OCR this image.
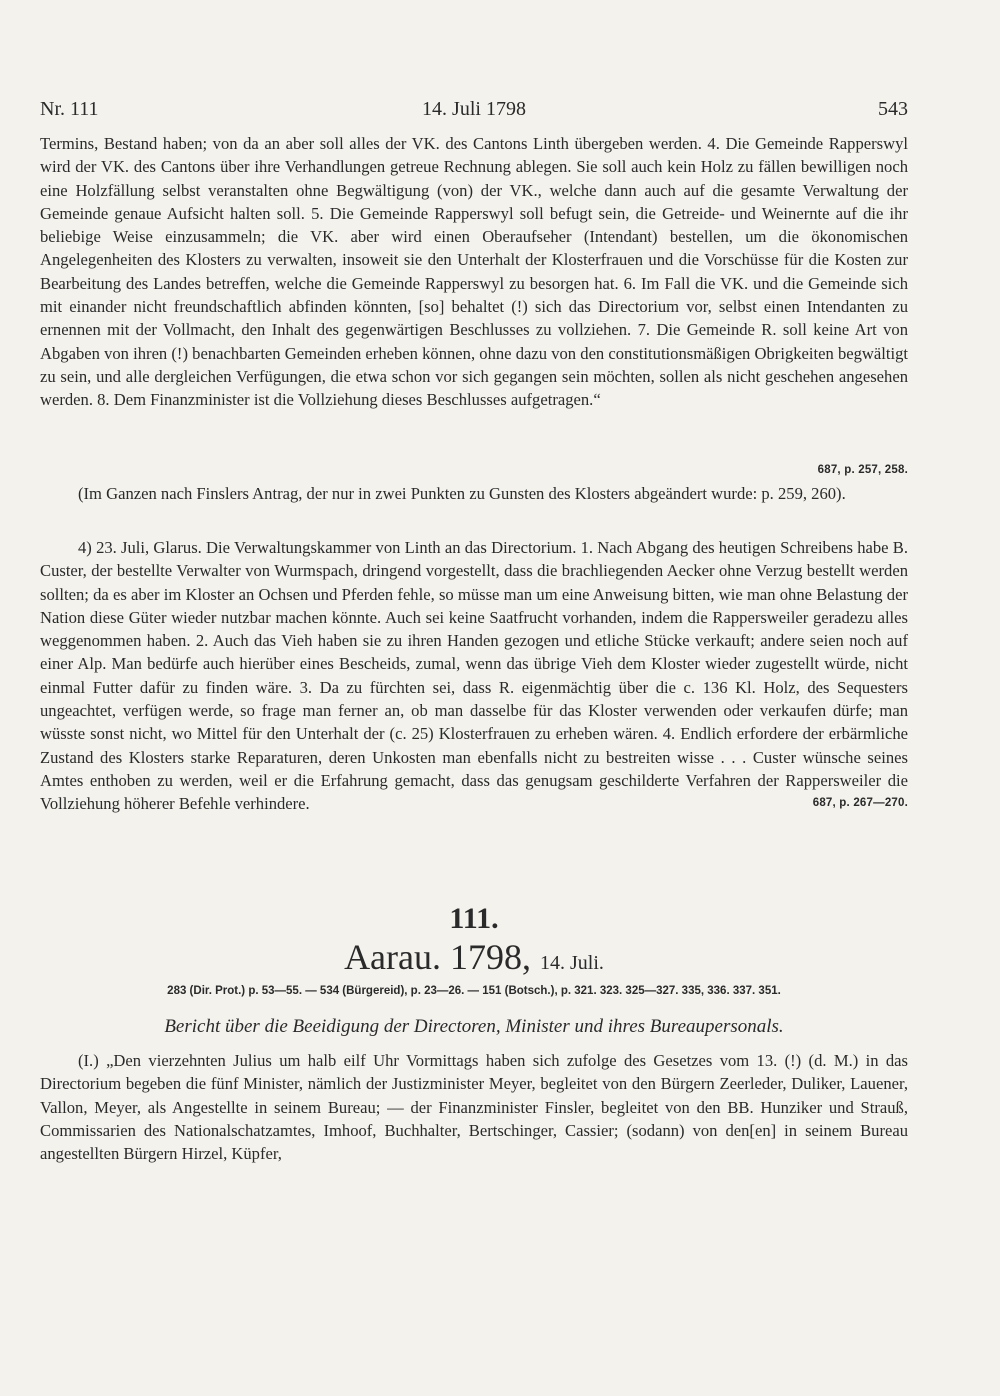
Nr. 111	14. Juli 1798	543

Termins, Bestand haben; von da an aber soll alles der VK. des Cantons Linth übergeben werden. 4. Die Gemeinde Rapperswyl wird der VK. des Cantons über ihre Verhandlungen getreue Rechnung ablegen. Sie soll auch kein Holz zu fällen bewilligen noch eine Holzfällung selbst veranstalten ohne Begwältigung (von) der VK., welche dann auch auf die gesamte Verwaltung der Gemeinde genaue Aufsicht halten soll. 5. Die Gemeinde Rapperswyl soll befugt sein, die Getreide- und Weinernte auf die ihr beliebige Weise einzusammeln; die VK. aber wird einen Oberaufseher (Intendant) bestellen, um die ökonomischen Angelegenheiten des Klosters zu verwalten, insoweit sie den Unterhalt der Klosterfrauen und die Vorschüsse für die Kosten zur Bearbeitung des Landes betreffen, welche die Gemeinde Rapperswyl zu besorgen hat. 6. Im Fall die VK. und die Gemeinde sich mit einander nicht freundschaftlich abfinden könnten, [so] behaltet (!) sich das Directorium vor, selbst einen Intendanten zu ernennen mit der Vollmacht, den Inhalt des gegenwärtigen Beschlusses zu vollziehen. 7. Die Gemeinde R. soll keine Art von Abgaben von ihren (!) benachbarten Gemeinden erheben können, ohne dazu von den constitutionsmäßigen Obrigkeiten begwältigt zu sein, und alle dergleichen Verfügungen, die etwa schon vor sich gegangen sein möchten, sollen als nicht geschehen angesehen werden. 8. Dem Finanzminister ist die Vollziehung dieses Beschlusses aufgetragen.“

687, p. 257, 258.

(Im Ganzen nach Finslers Antrag, der nur in zwei Punkten zu Gunsten des Klosters abgeändert wurde: p. 259, 260).

4) 23. Juli, Glarus. Die Verwaltungskammer von Linth an das Directorium. 1. Nach Abgang des heutigen Schreibens habe B. Custer, der bestellte Verwalter von Wurmspach, dringend vorgestellt, dass die brachliegenden Aecker ohne Verzug bestellt werden sollten; da es aber im Kloster an Ochsen und Pferden fehle, so müsse man um eine Anweisung bitten, wie man ohne Belastung der Nation diese Güter wieder nutzbar machen könnte. Auch sei keine Saatfrucht vorhanden, indem die Rappersweiler geradezu alles weggenommen haben. 2. Auch das Vieh haben sie zu ihren Handen gezogen und etliche Stücke verkauft; andere seien noch auf einer Alp. Man bedürfe auch hierüber eines Bescheids, zumal, wenn das übrige Vieh dem Kloster wieder zugestellt würde, nicht einmal Futter dafür zu finden wäre. 3. Da zu fürchten sei, dass R. eigenmächtig über die c. 136 Kl. Holz, des Sequesters ungeachtet, verfügen werde, so frage man ferner an, ob man dasselbe für das Kloster verwenden oder verkaufen dürfe; man wüsste sonst nicht, wo Mittel für den Unterhalt der (c. 25) Klosterfrauen zu erheben wären. 4. Endlich erfordere der erbärmliche Zustand des Klosters starke Reparaturen, deren Unkosten man ebenfalls nicht zu bestreiten wisse . . . Custer wünsche seines Amtes enthoben zu werden, weil er die Erfahrung gemacht, dass das genugsam geschilderte Verfahren der Rappersweiler die Vollziehung höherer Befehle verhindere.	687, p. 267—270.

111.
Aarau. 1798, 14. Juli.
283 (Dir. Prot.) p. 53—55. — 534 (Bürgereid), p. 23—26. — 151 (Botsch.), p. 321. 323. 325—327. 335, 336. 337. 351.
Bericht über die Beeidigung der Directoren, Minister und ihres Bureaupersonals.

(I.) „Den vierzehnten Julius um halb eilf Uhr Vormittags haben sich zufolge des Gesetzes vom 13. (!) (d. M.) in das Directorium begeben die fünf Minister, nämlich der Justizminister Meyer, begleitet von den Bürgern Zeerleder, Duliker, Lauener, Vallon, Meyer, als Angestellte in seinem Bureau; — der Finanzminister Finsler, begleitet von den BB. Hunziker und Strauß, Commissarien des Nationalschatzamtes, Imhoof, Buchhalter, Bertschinger, Cassier; (sodann) von den[en] in seinem Bureau angestellten Bürgern Hirzel, Küpfer,
